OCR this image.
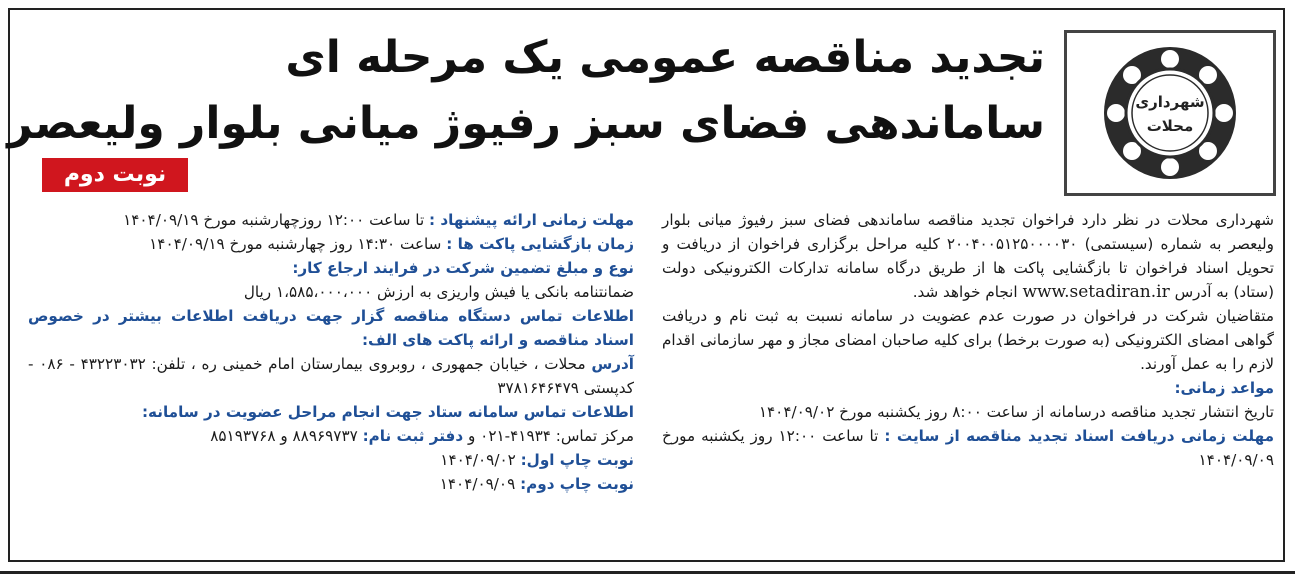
شهرداری
محلات
تجدید مناقصه عمومی یک مرحله ای
ساماندهی فضای سبز رفیوژ میانی بلوار ولیعصر
نوبت دوم

شهرداری محلات در نظر دارد فراخوان تجدید مناقصه ساماندهی فضای سبز رفیوژ میانی بلوار ولیعصر به شماره (سیستمی) ۲۰۰۴۰۰۵۱۲۵۰۰۰۰۳۰ کلیه مراحل برگزاری فراخوان از دریافت و تحویل اسناد فراخوان تا بازگشایی پاکت ها از طریق درگاه سامانه تدارکات الکترونیکی دولت (ستاد) به آدرس www.setadiran.ir انجام خواهد شد.

متقاضیان شرکت در فراخوان در صورت عدم عضویت در سامانه نسبت به ثبت نام و دریافت گواهی امضای الکترونیکی (به صورت برخط) برای کلیه صاحبان امضای مجاز و مهر سازمانی اقدام لازم را به عمل آورند.

مواعد زمانی:

تاریخ انتشار تجدید مناقصه درسامانه از ساعت ۸:۰۰ روز یکشنبه مورخ ۱۴۰۴/۰۹/۰۲

مهلت زمانی دریافت اسناد تجدید مناقصه از سایت : تا ساعت ۱۲:۰۰ روز یکشنبه مورخ ۱۴۰۴/۰۹/۰۹

مهلت زمانی ارائه پیشنهاد : تا ساعت ۱۲:۰۰ روزچهارشنبه مورخ ۱۴۰۴/۰۹/۱۹

زمان بازگشایی پاکت ها : ساعت ۱۴:۳۰ روز چهارشنبه مورخ ۱۴۰۴/۰۹/۱۹

نوع و مبلغ تضمین شرکت در فرایند ارجاع کار:

ضمانتنامه بانکی یا فیش واریزی به ارزش ۱،۵۸۵،۰۰۰،۰۰۰ ریال

اطلاعات تماس دستگاه مناقصه گزار جهت دریافت اطلاعات بیشتر در خصوص اسناد مناقصه و ارائه پاکت های الف:

آدرس محلات ، خیابان جمهوری ، روبروی بیمارستان امام خمینی ره ، تلفن: ۴۳۲۲۳۰۳۲ - ۰۸۶ - کدپستی ۳۷۸۱۶۴۶۴۷۹

اطلاعات تماس سامانه ستاد جهت انجام مراحل عضویت در سامانه:

مرکز تماس: ۴۱۹۳۴-۰۲۱ و دفتر ثبت نام: ۸۸۹۶۹۷۳۷ و ۸۵۱۹۳۷۶۸

نوبت چاپ اول: ۱۴۰۴/۰۹/۰۲

نوبت چاپ دوم: ۱۴۰۴/۰۹/۰۹
